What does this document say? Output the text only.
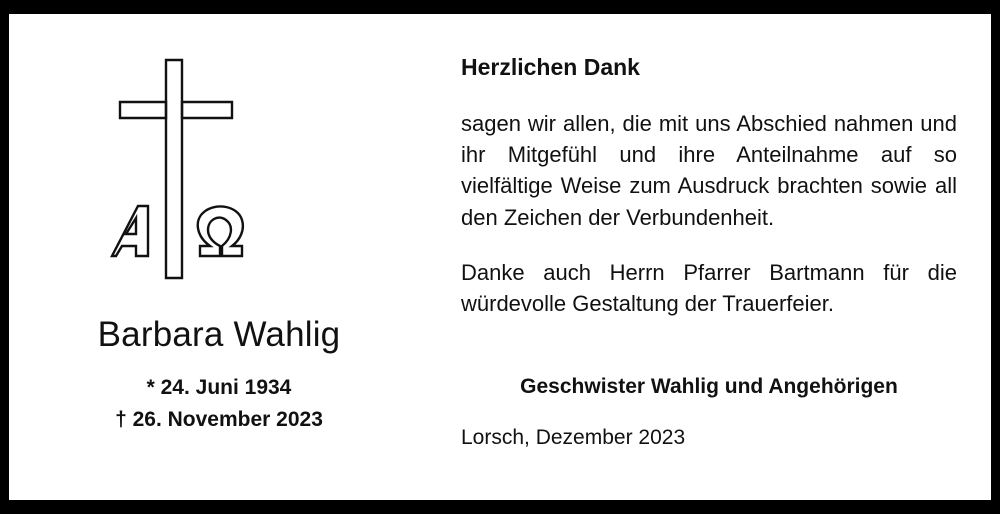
Barbara Wahlig
* 24. Juni 1934
† 26. November 2023
Herzlichen Dank
sagen wir allen, die mit uns Abschied nahmen und ihr Mitgefühl und ihre Anteilnahme auf so vielfältige Weise zum Ausdruck brachten sowie all den Zeichen der Verbundenheit.
Danke auch Herrn Pfarrer Bartmann für die würdevolle Gestaltung der Trauerfeier.
Geschwister Wahlig und Angehörigen
Lorsch, Dezember 2023
